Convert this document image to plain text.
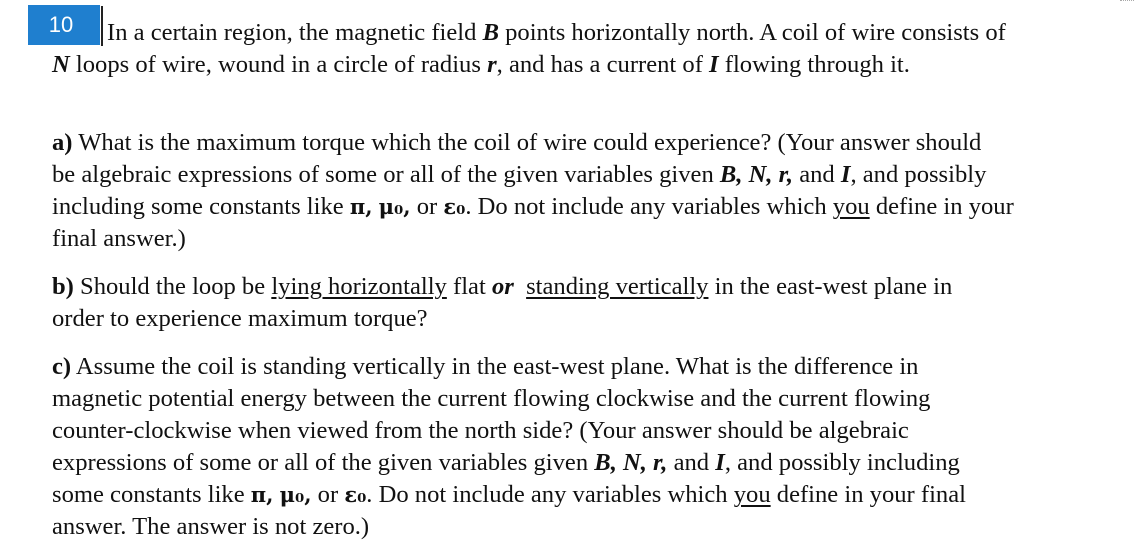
10 In a certain region, the magnetic field B points horizontally north. A coil of wire consists of
N loops of wire, wound in a circle of radius r, and has a current of I flowing through it.
a) What is the maximum torque which the coil of wire could experience? (Your answer should
be algebraic expressions of some or all of the given variables given B, N, r, and I, and possibly
including some constants like π, μ₀, or ε₀. Do not include any variables which you define in your
final answer.)
b) Should the loop be lying horizontally flat or standing vertically in the east-west plane in
order to experience maximum torque?
c) Assume the coil is standing vertically in the east-west plane. What is the difference in
magnetic potential energy between the current flowing clockwise and the current flowing
counter-clockwise when viewed from the north side? (Your answer should be algebraic
expressions of some or all of the given variables given B, N, r, and I, and possibly including
some constants like π, μ₀, or ε₀. Do not include any variables which you define in your final
answer. The answer is not zero.)
